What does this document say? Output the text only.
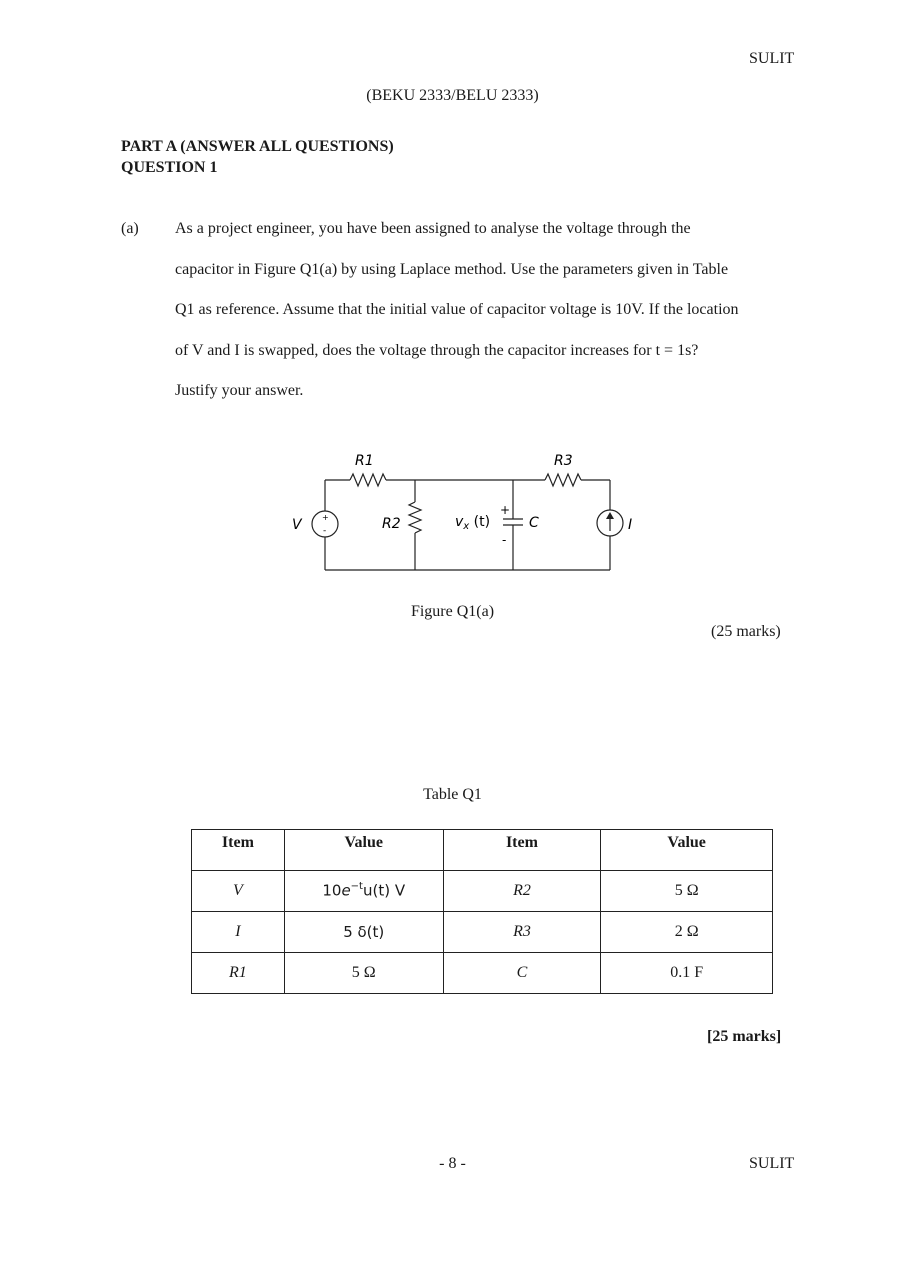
SULIT
(BEKU 2333/BELU 2333)
PART A (ANSWER ALL QUESTIONS)
QUESTION 1
(a) As a project engineer, you have been assigned to analyse the voltage through the

capacitor in Figure Q1(a) by using Laplace method. Use the parameters given in Table

Q1 as reference. Assume that the initial value of capacitor voltage is 10V. If the location

of V and I is swapped, does the voltage through the capacitor increases for t = 1s?

Justify your answer.

+
-
R1	R3
R2
V	I
C
$v_x$ (t)
+
-
Figure Q1(a)
(25 marks)
Table Q1
Item	Value	Item	Value
V	$10e^{-t}u(t)$ V	R2	5 Ω
I	5 δ(t)	R3	2 Ω
R1	5 Ω	C	0.1 F
[25 marks]
- 8 -	SULIT
